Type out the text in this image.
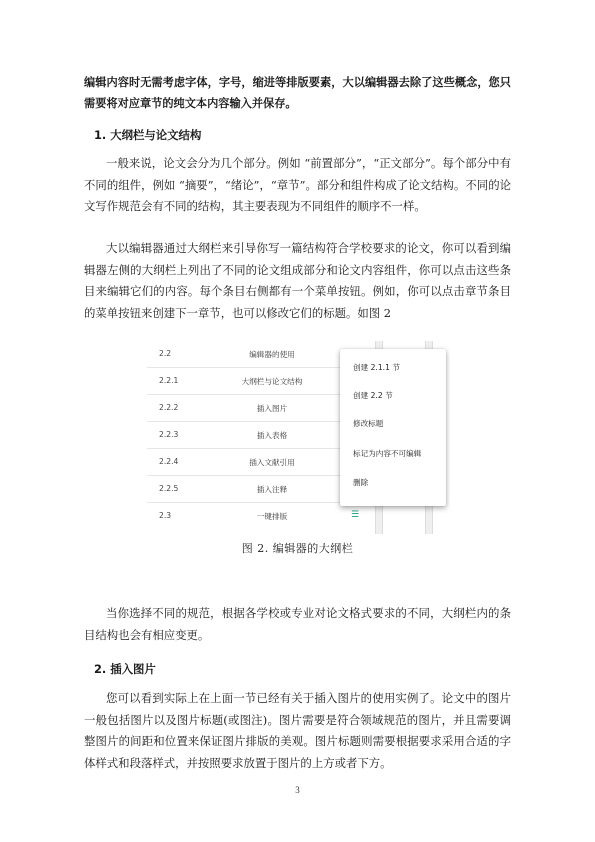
编辑内容时无需考虑字体，字号，缩进等排版要素，大以编辑器去除了这些概念，您只需要将对应章节的纯文本内容输入并保存。

1. 大纲栏与论文结构

一般来说，论文会分为几个部分。例如 “前置部分”，“正文部分”。每个部分中有不同的组件，例如 “摘要”，“绪论”，“章节”。部分和组件构成了论文结构。不同的论文写作规范会有不同的结构，其主要表现为不同组件的顺序不一样。

大以编辑器通过大纲栏来引导你写一篇结构符合学校要求的论文，你可以看到编辑器左侧的大纲栏上列出了不同的论文组成部分和论文内容组件，你可以点击这些条目来编辑它们的内容。每个条目右侧都有一个菜单按钮。例如，你可以点击章节条目的菜单按钮来创建下一章节，也可以修改它们的标题。如图 2

2.2	编辑器的使用
2.2.1	大纲栏与论文结构
2.2.2	插入图片
2.2.3	插入表格
2.2.4	插入文献引用
2.2.5	插入注释
2.3	一键排版	☰
创建 2.1.1 节
创建 2.2 节
修改标题
标记为内容不可编辑
删除
图 2. 编辑器的大纲栏

当你选择不同的规范，根据各学校或专业对论文格式要求的不同，大纲栏内的条目结构也会有相应变更。

2. 插入图片

您可以看到实际上在上面一节已经有关于插入图片的使用实例了。论文中的图片一般包括图片以及图片标题(或图注)。图片需要是符合领域规范的图片，并且需要调整图片的间距和位置来保证图片排版的美观。图片标题则需要根据要求采用合适的字体样式和段落样式，并按照要求放置于图片的上方或者下方。

3
